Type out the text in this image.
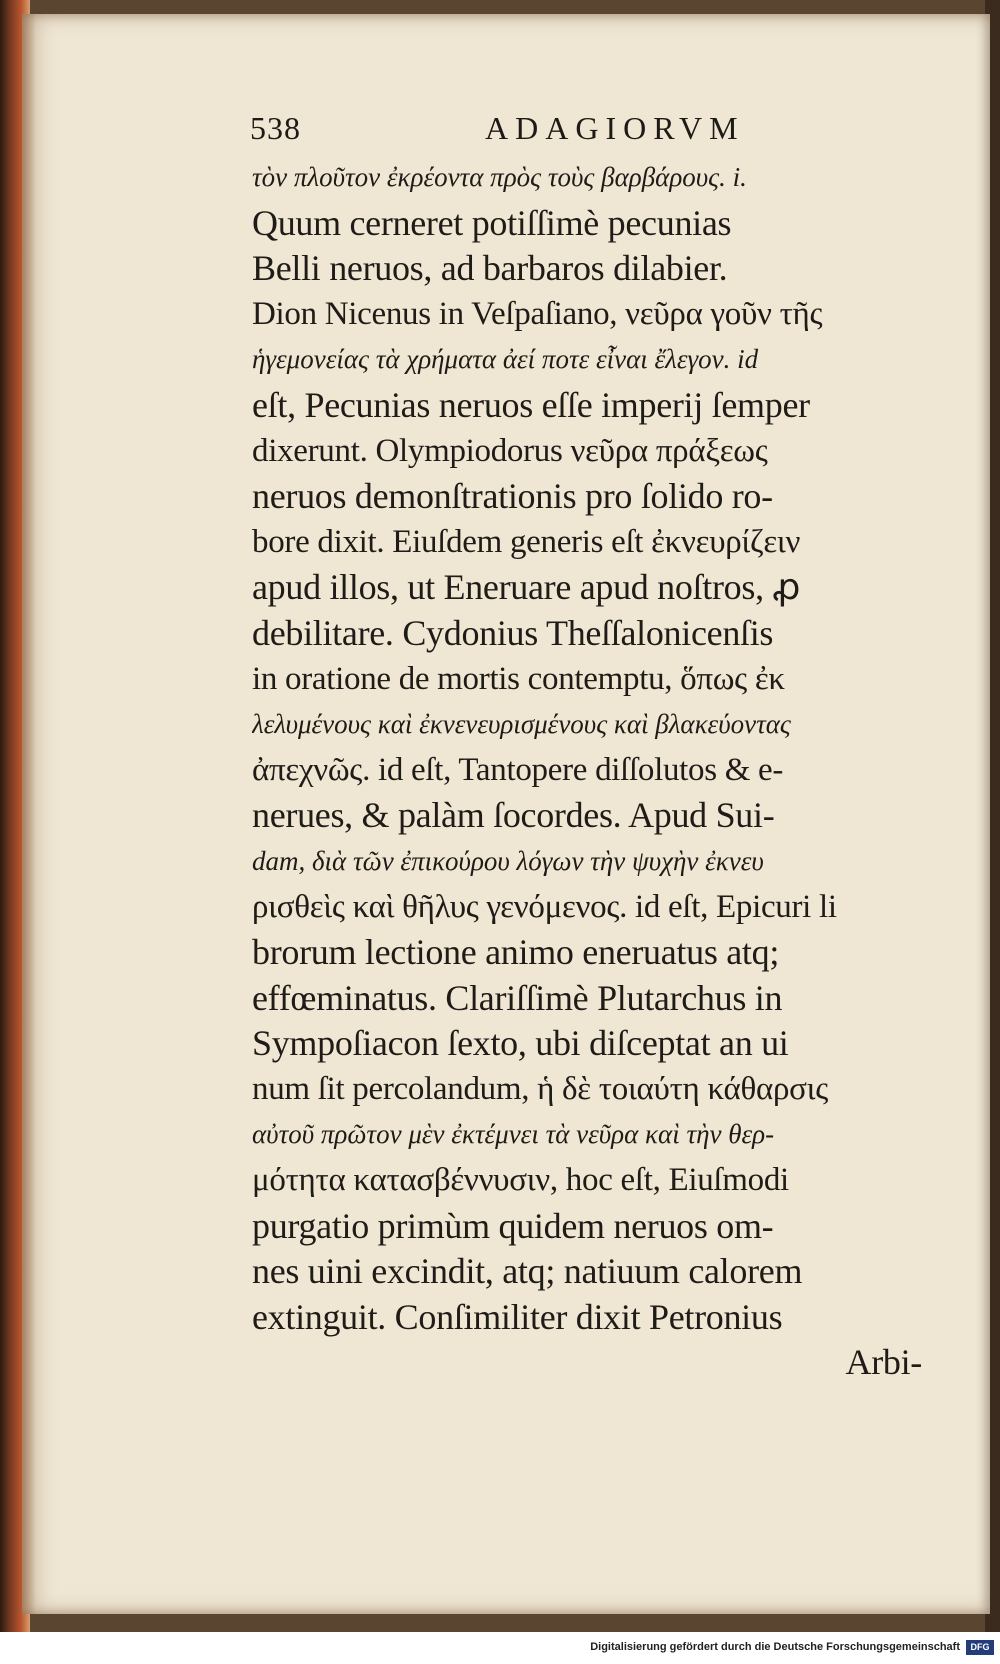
538	ADAGIORVM
τὸν πλοῦτον ἐκρέοντα πρὸς τοὺς βαρβάρους. i.
Quum cerneret potiſſimè pecunias
Belli neruos, ad barbaros dilabier.
Dion Nicenus in Veſpaſiano, νεῦρα γοῦν τῆς
ἡγεμονείας τὰ χρήματα ἀεί ποτε εἶναι ἔλεγον. id
eſt, Pecunias neruos eſſe imperij ſemper
dixerunt. Olympiodorus νεῦρα πράξεως
neruos demonſtrationis pro ſolido ro-
bore dixit. Eiuſdem generis eſt ἐκνευρίζειν
apud illos, ut Eneruare apud noſtros, ꝓ
debilitare. Cydonius Theſſalonicenſis
in oratione de mortis contemptu, ὅπως ἐκ
λελυμένους καὶ ἐκνενευρισμένους καὶ βλακεύοντας
ἀπεχνῶς. id eſt, Tantopere diſſolutos & e-
nerues, & palàm ſocordes. Apud Sui-
dam, διὰ τῶν ἐπικούρου λόγων τὴν ψυχὴν ἐκνευ
ρισθεὶς καὶ θῆλυς γενόμενος. id eſt, Epicuri li
brorum lectione animo eneruatus atq;
effœminatus. Clariſſimè Plutarchus in
Sympoſiacon ſexto, ubi diſceptat an ui
num ſit percolandum, ἡ δὲ τοιαύτη κάθαρσις
αὐτοῦ πρῶτον μὲν ἐκτέμνει τὰ νεῦρα καὶ τὴν θερ-
μότητα κατασβέννυσιν, hoc eſt, Eiuſmodi
purgatio primùm quidem neruos om-
nes uini excindit, atq; natiuum calorem
extinguit. Conſimiliter dixit Petronius
Arbi-
Digitalisierung gefördert durch die Deutsche Forschungsgemeinschaft	DFG
